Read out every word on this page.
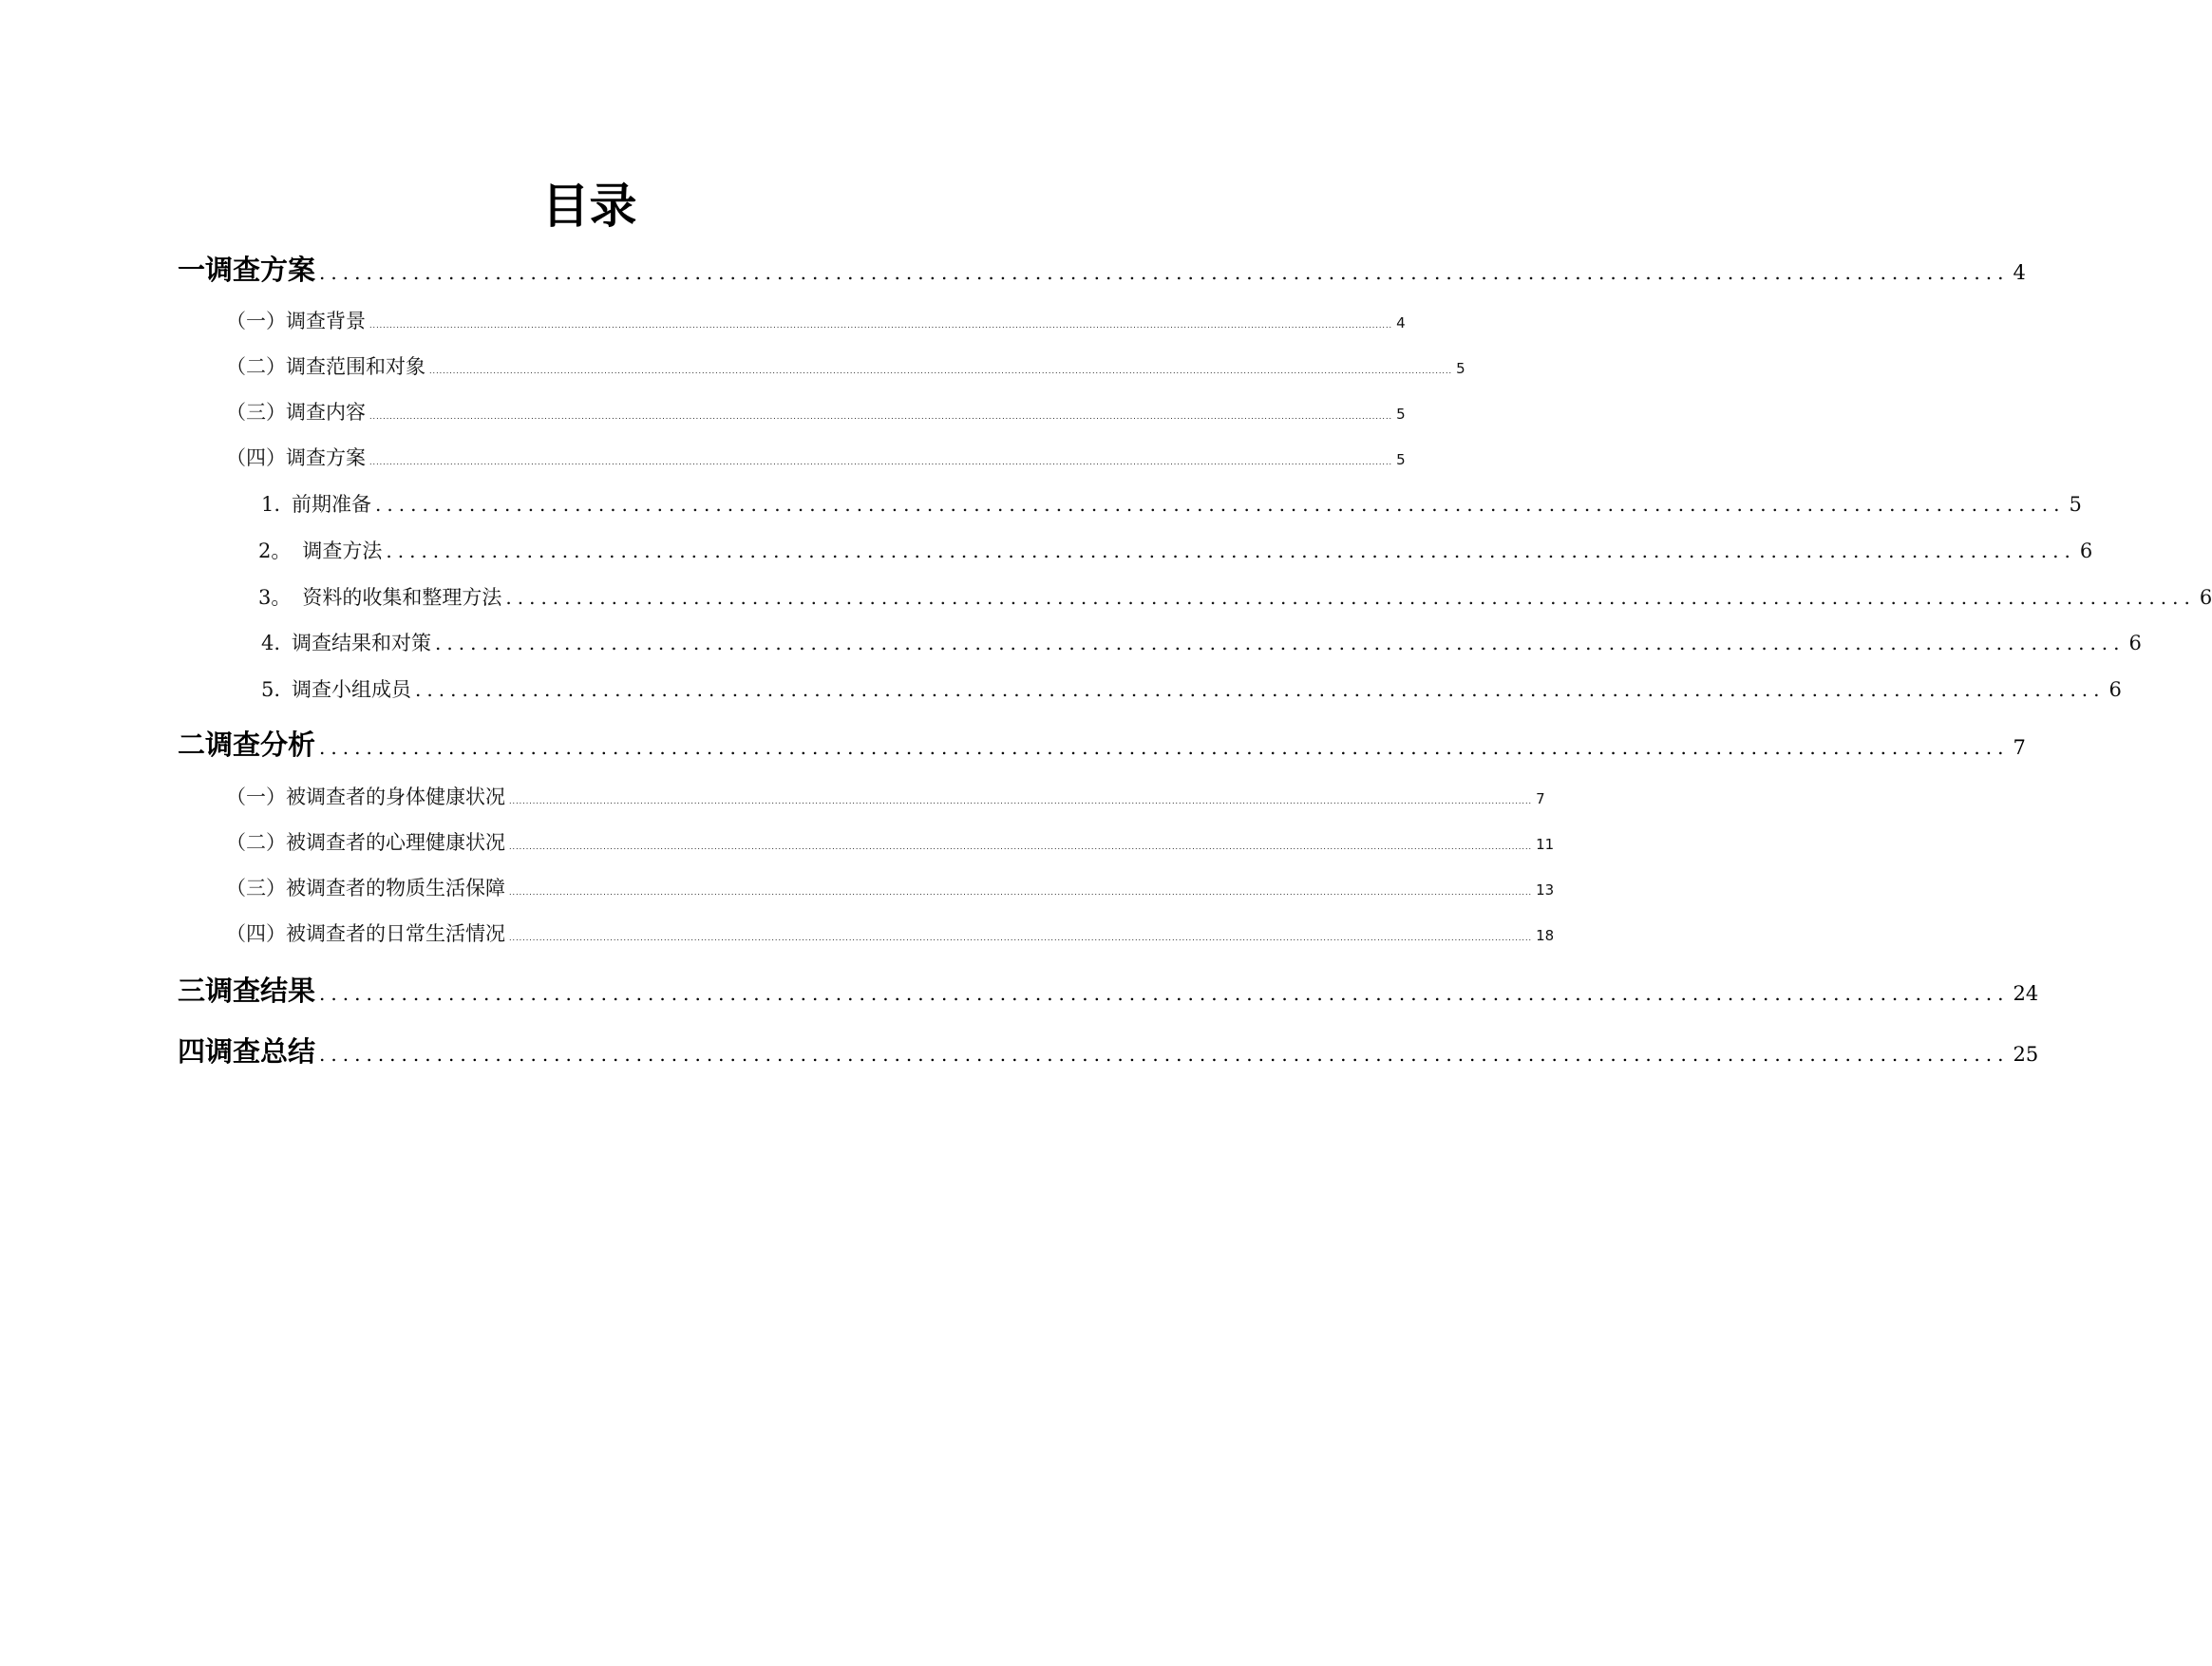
目录
一 调查方案 ................................................................................................................................................ 4
（一）调查背景 ................................................................................................................................................................................................................................................................................................................ 4
（二）调查范围和对象 ................................................................................................................................................................................................................................................................................................................ 5
（三）调查内容 ................................................................................................................................................................................................................................................................................................................ 5
（四）调查方案 ................................................................................................................................................................................................................................................................................................................ 5
1. 前期准备 ................................................................................................................................................ 5
2。 调查方法 ................................................................................................................................................ 6
3。 资料的收集和整理方法 ................................................................................................................................................ 6
4. 调查结果和对策 ................................................................................................................................................ 6
5. 调查小组成员 ................................................................................................................................................ 6
二 调查分析 ................................................................................................................................................ 7
（一）被调查者的身体健康状况 ................................................................................................................................................................................................................................................................................................................ 7
（二）被调查者的心理健康状况 ................................................................................................................................................................................................................................................................................................................ 11
（三）被调查者的物质生活保障 ................................................................................................................................................................................................................................................................................................................ 13
（四）被调查者的日常生活情况 ................................................................................................................................................................................................................................................................................................................ 18
三 调查结果 ................................................................................................................................................ 24
四 调查总结 ................................................................................................................................................ 25
